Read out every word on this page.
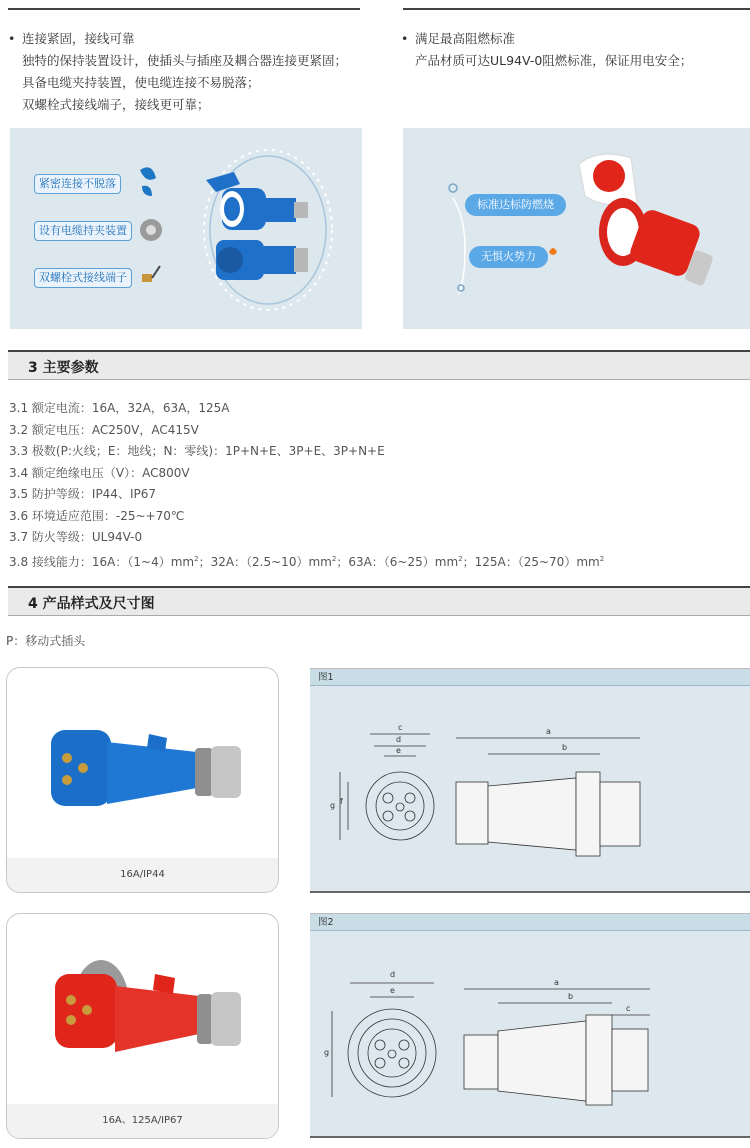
• 连接紧固，接线可靠
独特的保持装置设计，使插头与插座及耦合器连接更紧固；
具备电缆夹持装置，使电缆连接不易脱落；
双螺栓式接线端子，接线更可靠；
• 满足最高阻燃标准
产品材质可达UL94V-0阻燃标准，保证用电安全；
紧密连接不脱落
设有电缆持夹装置
双螺栓式接线端子
标准达标防燃烧
无惧火势力
3 主要参数
3.1 额定电流：16A，32A，63A，125A
3.2 额定电压：AC250V，AC415V
3.3 极数(P:火线；E：地线；N：零线)：1P+N+E、3P+E、3P+N+E
3.4 额定绝缘电压（V）：AC800V
3.5 防护等级：IP44、IP67
3.6 环境适应范围：-25~+70℃
3.7 防火等级：UL94V-0
3.8 接线能力：16A：$(1\sim 4)mm^2$；32A：$(2.5\sim 10)mm^2$；63A：$(6\sim 25)mm^2$；125A：$(25\sim 70)mm^2$
4 产品样式及尺寸图
P：移动式插头
16A/IP44
16A、125A/IP67
图1
c
d
e
g f
a
b
图2
d
e
g
a
b
c
